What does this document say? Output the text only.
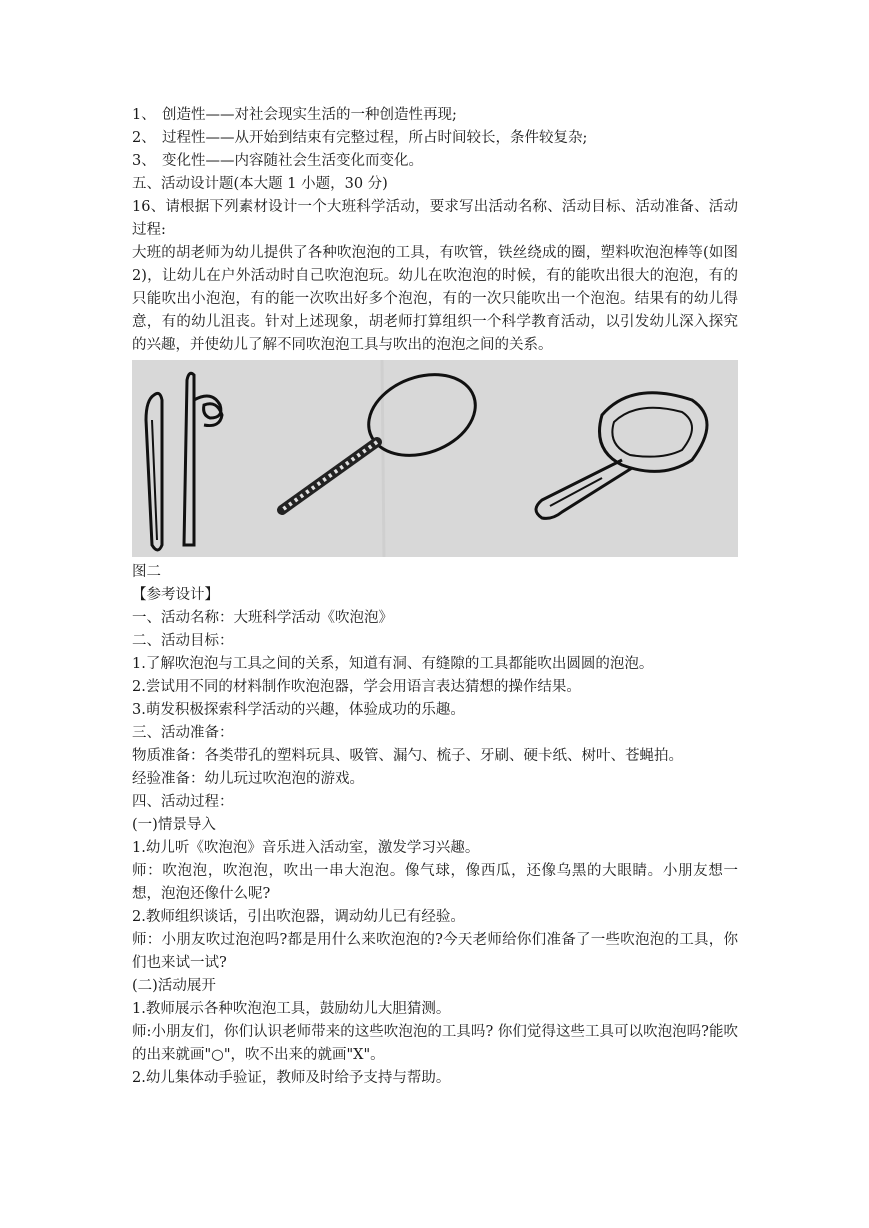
1、 创造性——对社会现实生活的一种创造性再现;
2、 过程性——从开始到结束有完整过程，所占时间较长，条件较复杂;
3、 变化性——内容随社会生活变化而变化。
五、活动设计题(本大题 1 小题，30 分)
16、请根据下列素材设计一个大班科学活动，要求写出活动名称、活动目标、活动准备、活动过程:
大班的胡老师为幼儿提供了各种吹泡泡的工具，有吹管，铁丝绕成的圈，塑料吹泡泡棒等(如图 2)，让幼儿在户外活动时自己吹泡泡玩。幼儿在吹泡泡的时候，有的能吹出很大的泡泡，有的只能吹出小泡泡，有的能一次吹出好多个泡泡，有的一次只能吹出一个泡泡。结果有的幼儿得意，有的幼儿沮丧。针对上述现象，胡老师打算组织一个科学教育活动，以引发幼儿深入探究的兴趣，并使幼儿了解不同吹泡泡工具与吹出的泡泡之间的关系。
图二
【参考设计】
一、活动名称：大班科学活动《吹泡泡》
二、活动目标：
1.了解吹泡泡与工具之间的关系，知道有洞、有缝隙的工具都能吹出圆圆的泡泡。
2.尝试用不同的材料制作吹泡泡器，学会用语言表达猜想的操作结果。
3.萌发积极探索科学活动的兴趣，体验成功的乐趣。
三、活动准备：
物质准备：各类带孔的塑料玩具、吸管、漏勺、梳子、牙刷、硬卡纸、树叶、苍蝇拍。
经验准备：幼儿玩过吹泡泡的游戏。
四、活动过程：
(一)情景导入
1.幼儿听《吹泡泡》音乐进入活动室，激发学习兴趣。
师：吹泡泡，吹泡泡，吹出一串大泡泡。像气球，像西瓜，还像乌黑的大眼睛。小朋友想一想，泡泡还像什么呢?
2.教师组织谈话，引出吹泡器，调动幼儿已有经验。
师：小朋友吹过泡泡吗?都是用什么来吹泡泡的?今天老师给你们准备了一些吹泡泡的工具，你们也来试一试?
(二)活动展开
1.教师展示各种吹泡泡工具，鼓励幼儿大胆猜测。
师:小朋友们，你们认识老师带来的这些吹泡泡的工具吗? 你们觉得这些工具可以吹泡泡吗?能吹的出来就画"○"，吹不出来的就画"X"。
2.幼儿集体动手验证，教师及时给予支持与帮助。
